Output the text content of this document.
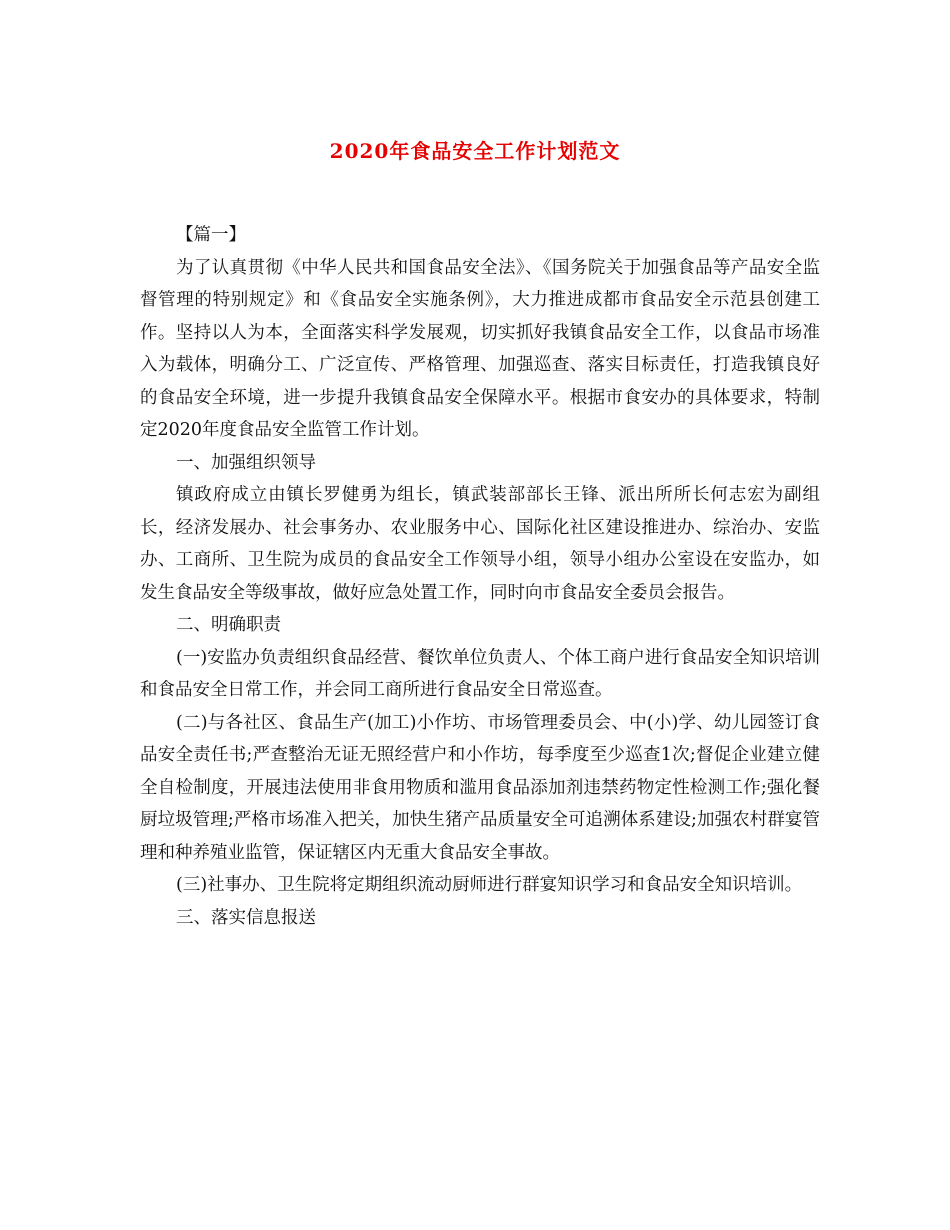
2020年食品安全工作计划范文

【篇一】

为了认真贯彻《中华人民共和国食品安全法》、《国务院关于加强食品等产品安全监督管理的特别规定》和《食品安全实施条例》，大力推进成都市食品安全示范县创建工作。坚持以人为本，全面落实科学发展观，切实抓好我镇食品安全工作，以食品市场准入为载体，明确分工、广泛宣传、严格管理、加强巡查、落实目标责任，打造我镇良好的食品安全环境，进一步提升我镇食品安全保障水平。根据市食安办的具体要求，特制定2020年度食品安全监管工作计划。

一、加强组织领导

镇政府成立由镇长罗健勇为组长，镇武装部部长王锋、派出所所长何志宏为副组长，经济发展办、社会事务办、农业服务中心、国际化社区建设推进办、综治办、安监办、工商所、卫生院为成员的食品安全工作领导小组，领导小组办公室设在安监办，如发生食品安全等级事故，做好应急处置工作，同时向市食品安全委员会报告。

二、明确职责

(一)安监办负责组织食品经营、餐饮单位负责人、个体工商户进行食品安全知识培训和食品安全日常工作，并会同工商所进行食品安全日常巡查。

(二)与各社区、食品生产(加工)小作坊、市场管理委员会、中(小)学、幼儿园签订食品安全责任书;严查整治无证无照经营户和小作坊，每季度至少巡查1次;督促企业建立健全自检制度，开展违法使用非食用物质和滥用食品添加剂违禁药物定性检测工作;强化餐厨垃圾管理;严格市场准入把关，加快生猪产品质量安全可追溯体系建设;加强农村群宴管理和种养殖业监管，保证辖区内无重大食品安全事故。

(三)社事办、卫生院将定期组织流动厨师进行群宴知识学习和食品安全知识培训。

三、落实信息报送
